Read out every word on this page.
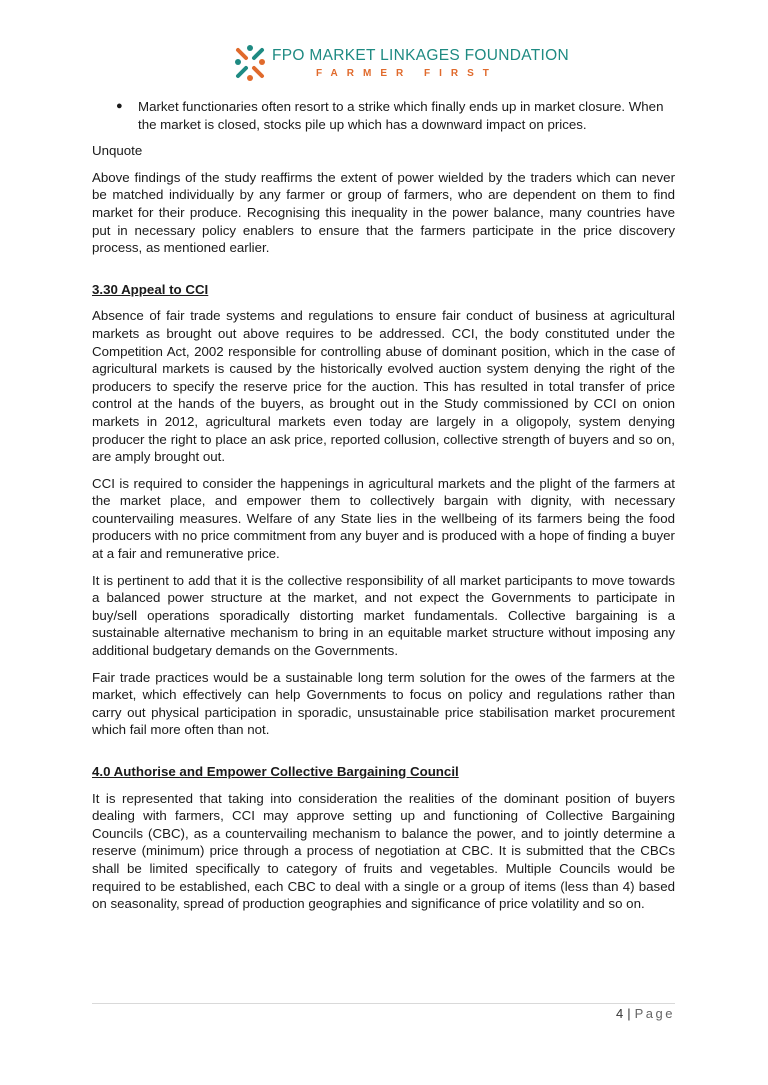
FPO MARKET LINKAGES FOUNDATION
FARMER FIRST
●	Market functionaries often resort to a strike which finally ends up in market closure. When the market is closed, stocks pile up which has a downward impact on prices.

Unquote

Above findings of the study reaffirms the extent of power wielded by the traders which can never be matched individually by any farmer or group of farmers, who are dependent on them to find market for their produce. Recognising this inequality in the power balance, many countries have put in necessary policy enablers to ensure that the farmers participate in the price discovery process, as mentioned earlier.

3.30 Appeal to CCI

Absence of fair trade systems and regulations to ensure fair conduct of business at agricultural markets as brought out above requires to be addressed. CCI, the body constituted under the Competition Act, 2002 responsible for controlling abuse of dominant position, which in the case of agricultural markets is caused by the historically evolved auction system denying the right of the producers to specify the reserve price for the auction. This has resulted in total transfer of price control at the hands of the buyers, as brought out in the Study commissioned by CCI on onion markets in 2012, agricultural markets even today are largely in a oligopoly, system denying producer the right to place an ask price, reported collusion, collective strength of buyers and so on, are amply brought out.

CCI is required to consider the happenings in agricultural markets and the plight of the farmers at the market place, and empower them to collectively bargain with dignity, with necessary countervailing measures. Welfare of any State lies in the wellbeing of its farmers being the food producers with no price commitment from any buyer and is produced with a hope of finding a buyer at a fair and remunerative price.

It is pertinent to add that it is the collective responsibility of all market participants to move towards a balanced power structure at the market, and not expect the Governments to participate in buy/sell operations sporadically distorting market fundamentals. Collective bargaining is a sustainable alternative mechanism to bring in an equitable market structure without imposing any additional budgetary demands on the Governments.

Fair trade practices would be a sustainable long term solution for the owes of the farmers at the market, which effectively can help Governments to focus on policy and regulations rather than carry out physical participation in sporadic, unsustainable price stabilisation market procurement which fail more often than not.

4.0 Authorise and Empower Collective Bargaining Council

It is represented that taking into consideration the realities of the dominant position of buyers dealing with farmers, CCI may approve setting up and functioning of Collective Bargaining Councils (CBC), as a countervailing mechanism to balance the power, and to jointly determine a reserve (minimum) price through a process of negotiation at CBC. It is submitted that the CBCs shall be limited specifically to category of fruits and vegetables. Multiple Councils would be required to be established, each CBC to deal with a single or a group of items (less than 4) based on seasonality, spread of production geographies and significance of price volatility and so on.

4 | Page
